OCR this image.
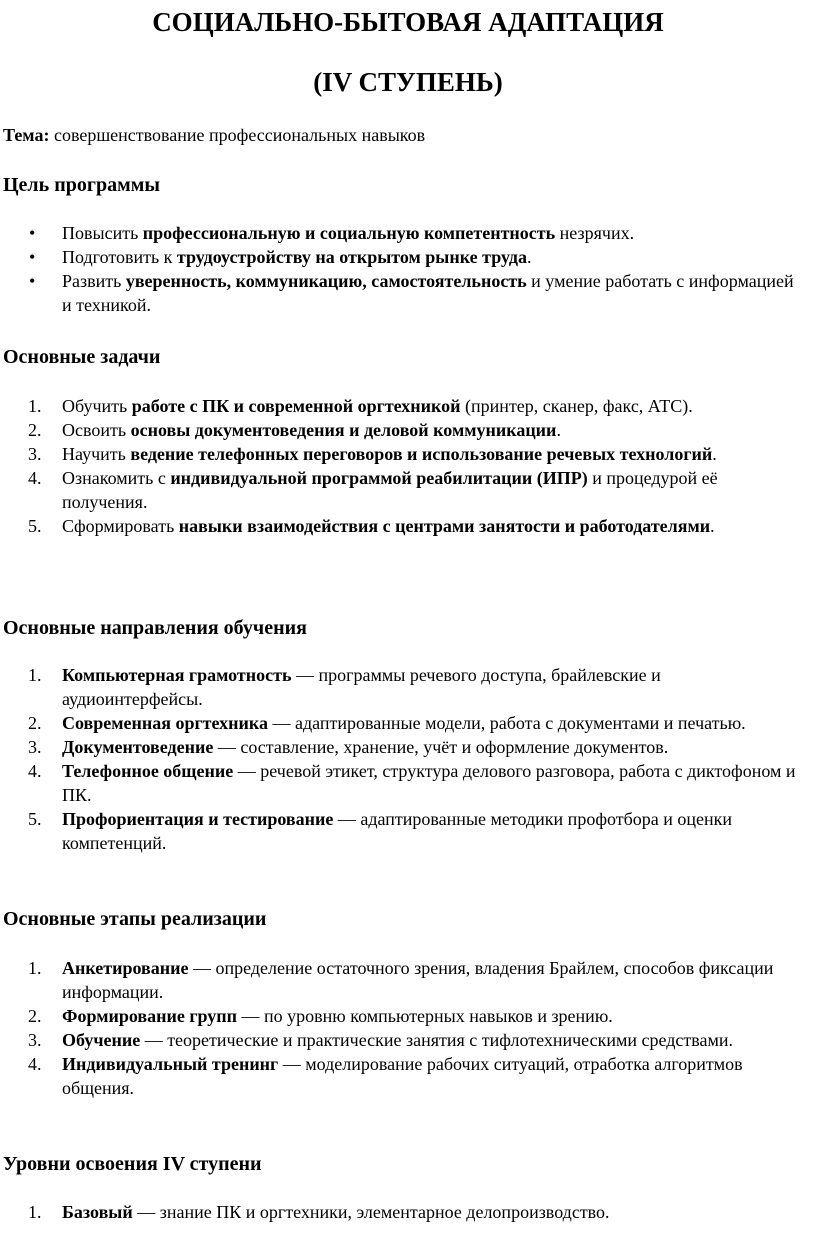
СОЦИАЛЬНО-БЫТОВАЯ АДАПТАЦИЯ
(IV СТУПЕНЬ)

Тема: совершенствование профессиональных навыков

Цель программы
•	Повысить профессиональную и социальную компетентность незрячих.
•	Подготовить к трудоустройству на открытом рынке труда.
•	Развить уверенность, коммуникацию, самостоятельность и умение работать с информацией и техникой.
Основные задачи
1.	Обучить работе с ПК и современной оргтехникой (принтер, сканер, факс, АТС).
2.	Освоить основы документоведения и деловой коммуникации.
3.	Научить ведение телефонных переговоров и использование речевых технологий.
4.	Ознакомить с индивидуальной программой реабилитации (ИПР) и процедурой её получения.
5.	Сформировать навыки взаимодействия с центрами занятости и работодателями.
Основные направления обучения
1.	Компьютерная грамотность — программы речевого доступа, брайлевские и аудиоинтерфейсы.
2.	Современная оргтехника — адаптированные модели, работа с документами и печатью.
3.	Документоведение — составление, хранение, учёт и оформление документов.
4.	Телефонное общение — речевой этикет, структура делового разговора, работа с диктофоном и ПК.
5.	Профориентация и тестирование — адаптированные методики профотбора и оценки компетенций.
Основные этапы реализации
1.	Анкетирование — определение остаточного зрения, владения Брайлем, способов фиксации информации.
2.	Формирование групп — по уровню компьютерных навыков и зрению.
3.	Обучение — теоретические и практические занятия с тифлотехническими средствами.
4.	Индивидуальный тренинг — моделирование рабочих ситуаций, отработка алгоритмов общения.
Уровни освоения IV ступени
1.	Базовый — знание ПК и оргтехники, элементарное делопроизводство.
